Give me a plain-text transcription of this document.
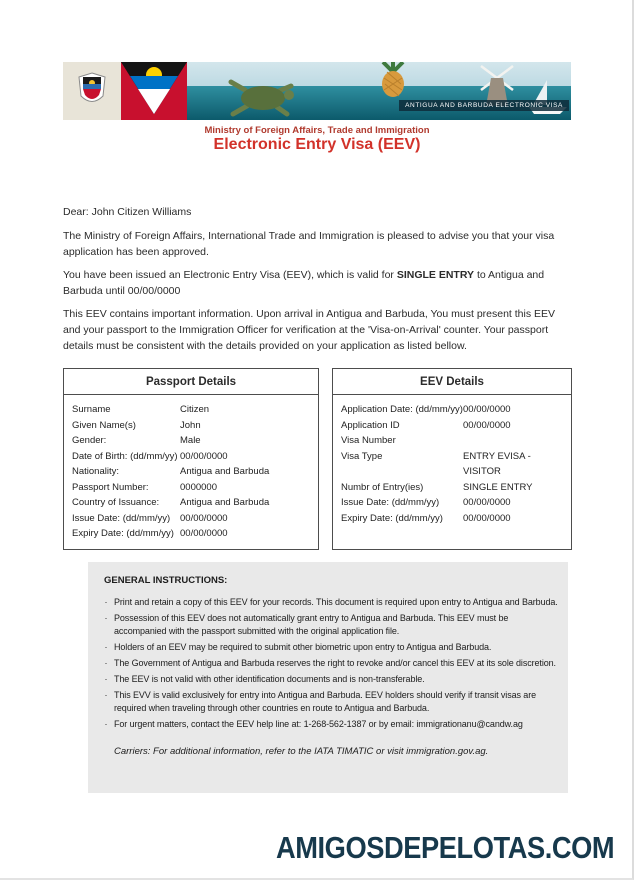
ANTIGUA AND BARBUDA ELECTRONIC VISA
Ministry of Foreign Affairs, Trade and Immigration
Electronic Entry Visa (EEV)
Dear: John Citizen Williams
The Ministry of Foreign Affairs, International Trade and Immigration is pleased to advise you that your visa application has been approved.
You have been issued an Electronic Entry Visa (EEV), which is valid for SINGLE ENTRY to Antigua and Barbuda until 00/00/0000
This EEV contains important information. Upon arrival in Antigua and Barbuda, You must present this EEV and your passport to the Immigration Officer for verification at the 'Visa-on-Arrival' counter. Your passport details must be consistent with the details provided on your application as listed bellow.
Passport Details
Surname	Citizen
Given Name(s)	John
Gender:	Male
Date of Birth: (dd/mm/yy) 00/00/0000
Nationality:	Antigua and Barbuda
Passport Number:	0000000
Country of Issuance:	Antigua and Barbuda
Issue Date: (dd/mm/yy)	00/00/0000
Expiry Date: (dd/mm/yy) 00/00/0000
EEV Details
Application Date: (dd/mm/yy) 00/00/0000
Application ID	00/00/0000
Visa Number
Visa Type	ENTRY EVISA - VISITOR
Numbr of Entry(ies)	SINGLE ENTRY
Issue Date: (dd/mm/yy)	00/00/0000
Expiry Date: (dd/mm/yy)	00/00/0000
GENERAL INSTRUCTIONS:
· Print and retain a copy of this EEV for your records. This document is required upon entry to Antigua and Barbuda.
· Possession of this EEV does not automatically grant entry to Antigua and Barbuda. This EEV must be accompanied with the passport submitted with the original application file.
· Holders of an EEV may be required to submit other biometric upon entry to Antigua and Barbuda.
· The Government of Antigua and Barbuda reserves the right to revoke and/or cancel this EEV at its sole discretion.
· The EEV is not valid with other identification documents and is non-transferable.
· This EVV is valid exclusively for entry into Antigua and Barbuda. EEV holders should verify if transit visas are required when traveling through other countries en route to Antigua and Barbuda.
· For urgent matters, contact the EEV help line at: 1-268-562-1387 or by email: immigrationanu@candw.ag
Carriers: For additional information, refer to the IATA TIMATIC or visit immigration.gov.ag.
AMIGOSDEPELOTAS.COM
